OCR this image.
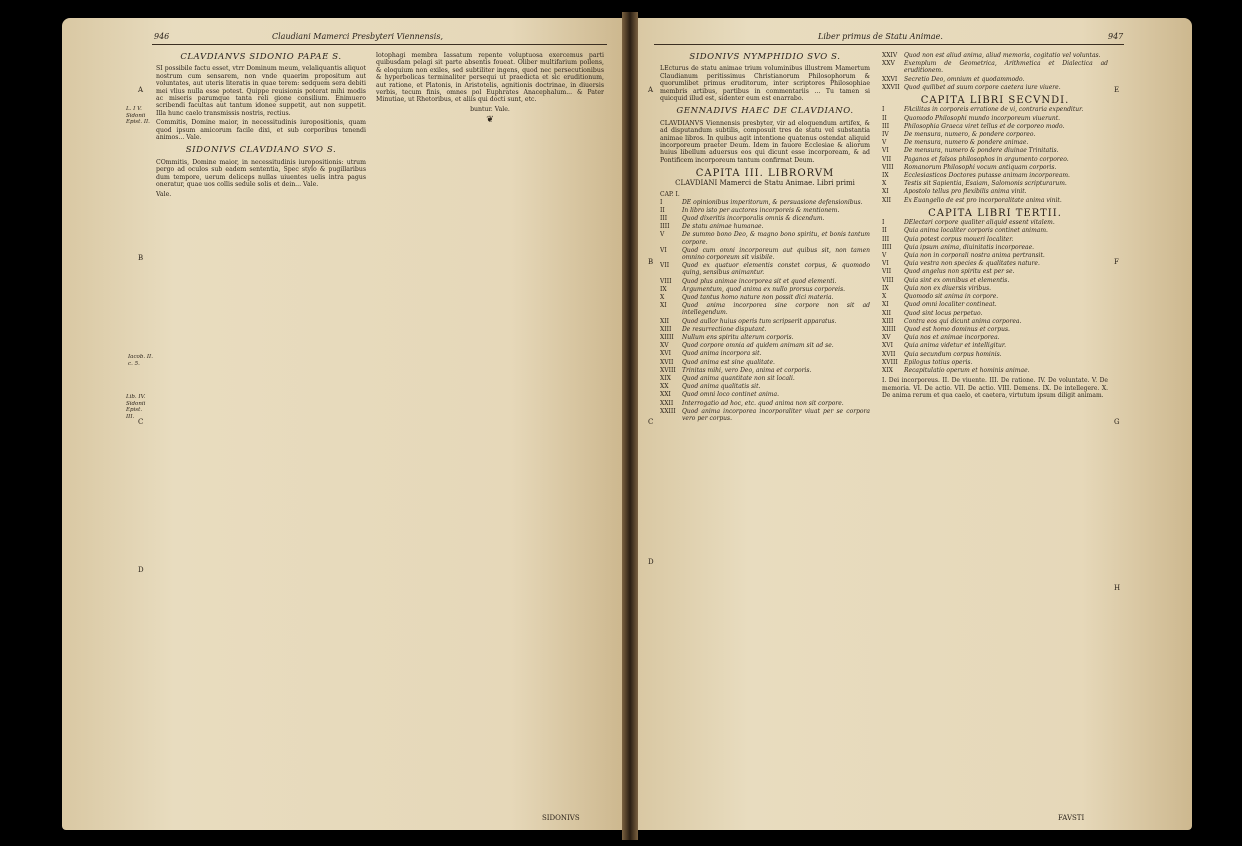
946	Claudiani Mamerci Presbyteri Viennensis,
A
B
C
D
L. I V. Sidonii Epist. II.
Iacob. II. c. 5.
Lib. IV. Sidonii Epist. III.
CLAVDIANVS SIDONIO PAPAE S.

SI possibile factu esset, vtrr Dominum meum, velaliquantis aliquot nostrum cum sensarem, non vnde quaerim propositum aut voluntates, aut uteris literatis in quae terem: sedquem sera debiti mei vlius nulla esse potest. Quippe reuisionis poterat mihi modis ac miseris parumque tanta reli gione consilium. Enimuero scribendi facultas aut tantum idonee suppetit, aut non suppetit. Illa hunc caelo transmissis nostris, rectius.

Commitis, Domine maior, in necessitudinis iuropositionis, quam quod ipsum amicorum facile dixi, et sub corporibus tenendi animos... Vale.

SIDONIVS CLAVDIANO SVO S.

COmmitis, Domine maior, in necessitudinis iuropositionis: utrum pergo ad oculos sub eadem sententia, Spec stylo & pugillaribus dum tempore, uerum deliceps nullas uiuentes uelis intra pagus oneratur, quae uos collis sedule solis et dein... Vale.

Vale.

lotophagi membra Iassatum repente voluptuosa exercemus parti quibusdam pelagi sit parte absentis foueat. Oliber multifarium pollens, & eloquium non exiles, sed subtiliter ingens, quod nec persecutionibus & hyperbolicas terminaliter persequi ut praedicta et sic eruditionum, aut ratione, et Platonis, in Aristotelis, agnitionis doctrinae, in diuersis verbis, tecum finis, omnes pol Euphrates Anacephalum... & Pater Minutiae, ut Rhetoribus, et aliis qui docti sunt, etc.

buntur. Vale.

❦
SIDONIVS
Liber primus de Statu Animae.	947
A
B
C
D
E
F
G
H
SIDONIVS NYMPHIDIO SVO S.

LEcturus de statu animae trium voluminibus illustrem Mamertum Claudianum peritissimus Christianorum Philosophorum & quorumlibet primus eruditorum, inter scriptores Philosophiae membris artibus, partibus in commentariis ... Tu tamen si quicquid illud est, sidenter eum est enarrabo.

GENNADIVS HAEC DE CLAVDIANO.

CLAVDIANVS Viennensis presbyter, vir ad eloquendum artifex, & ad disputandum subtilis, composuit tres de statu vel substantia animae libros. In quibus agit intentione quatenus ostendat aliquid incorporeum praeter Deum. Idem in fauore Ecclesiae & aliorum huius libellum aduersus eos qui dicunt esse incorpoream, & ad Pontificem incorporeum tantum confirmat Deum.

CAPITA III. LIBRORVM
CLAVDIANI Mamerci de Statu Animae. Libri primi
CAP. I.
I	DE opinionibus imperitorum, & persuasione defensionibus.
II	In libro isto per auctores incorporeis & mentionem.
III	Quod dixeritis incorporalis omnis & dicendum.
IIII	De statu animae humanae.
V	De summo bono Deo, & magno bono spiritu, et bonis tantum corpore.
VI	Quod cum omni incorporeum aut quibus sit, non tamen omnino corporeum sit visibile.
VII	Quod ex quatuor elementis constet corpus, & quomodo quing, sensibus animantur.
VIII	Quod plus animae incorporea sit et quod elementi.
IX	Argumentum, quod anima ex nullo prorsus corporeis.
X	Quod tantus homo nature non possit dici materia.
XI	Quod anima incorporea sine corpore non sit ad intellegendum.
XII	Quod aullor huius operis tum scripserit apparatus.
XIII	De resurrectione disputant.
XIIII	Nullum ens spiritu alterum corporis.
XV	Quod corpore omnia ad quidem animam sit ad se.
XVI	Quod anima incorpora sit.
XVII	Quod anima est sine qualitate.
XVIII	Trinitas mihi, vero Deo, anima et corporis.
XIX	Quod anima quantitate non sit locali.
XX	Quod anima qualitatis sit.
XXI	Quod omni loco continet anima.
XXII	Interrogatio ad hoc, etc. quod anima non sit corpore.
XXIII	Quod anima incorporea incorporaliter viuat per se corpora vero per corpus.
XXIV	Quod non est aliud anima, aliud memoria, cogitatio vel voluntas.
XXV	Exemplum de Geometrica, Arithmetica et Dialectica ad eruditionem.
XXVI	Secretio Deo, omnium et quodammodo.
XXVII Quod quilibet ad suum corpore caetera iure viuere.
CAPITA LIBRI SECVNDI.
I	FAcilitas in corporeis erratione de vi, contraria expenditur.
II	Quomodo Philosophi mundo incorporeum viuerunt.
III	Philosophia Graeca viret tellus et de corporeo modo.
IV	De mensura, numero, & pondere corporeo.
V	De mensura, numero & pondere animae.
VI	De mensura, numero & pondere diuinae Trinitatis.
VII	Paganos et falsos philosophos in argumento corporeo.
VIII	Romanorum Philosophi vocum antiquam corporis.
IX	Ecclesiasticos Doctores putasse animam incorpoream.
X	Testis sit Sapientia, Esaiam, Salomonis scripturarum.
XI	Apostolo tellus pro flexibilis anima vinit.
XII	Ex Euangelio de est pro incorporalitate anima vinit.
CAPITA LIBRI TERTII.
I	DElectari corpore qualiter aliquid essent vitalem.
II	Quia anima localiter corporis continet animam.
III	Quia potest corpus moueri localiter.
IIII	Quia ipsum anima, diuinitatis incorporeae.
V	Quia non in corporali nostra anima pertransit.
VI	Quia vestra non species & qualitates nature.
VII	Quod angelus non spiritu est per se.
VIII	Quia sint ex omnibus et elementis.
IX	Quia non ex diuersis viribus.
X	Quomodo sit anima in corpore.
XI	Quod omni localiter contineat.
XII	Quod sint locus perpetuo.
XIII	Contra eos qui dicunt anima corporea.
XIIII	Quod est homo dominus et corpus.
XV	Quia nos et animae incorporea.
XVI	Quia anima videtur et intelligitur.
XVII	Quia secundum corpus hominis.
XVIII	Epilogus totius operis.
XIX	Recapitulatio operum et hominis animae.

I. Dei incorporeus. II. De viuente. III. De ratione. IV. De voluntate. V. De memoria. VI. De actio. VII. De actio. VIII. Demens. IX. De intellegere. X. De anima rerum et qua caelo, et caetera, virtutum ipsum diligit animam.

FAVSTI
